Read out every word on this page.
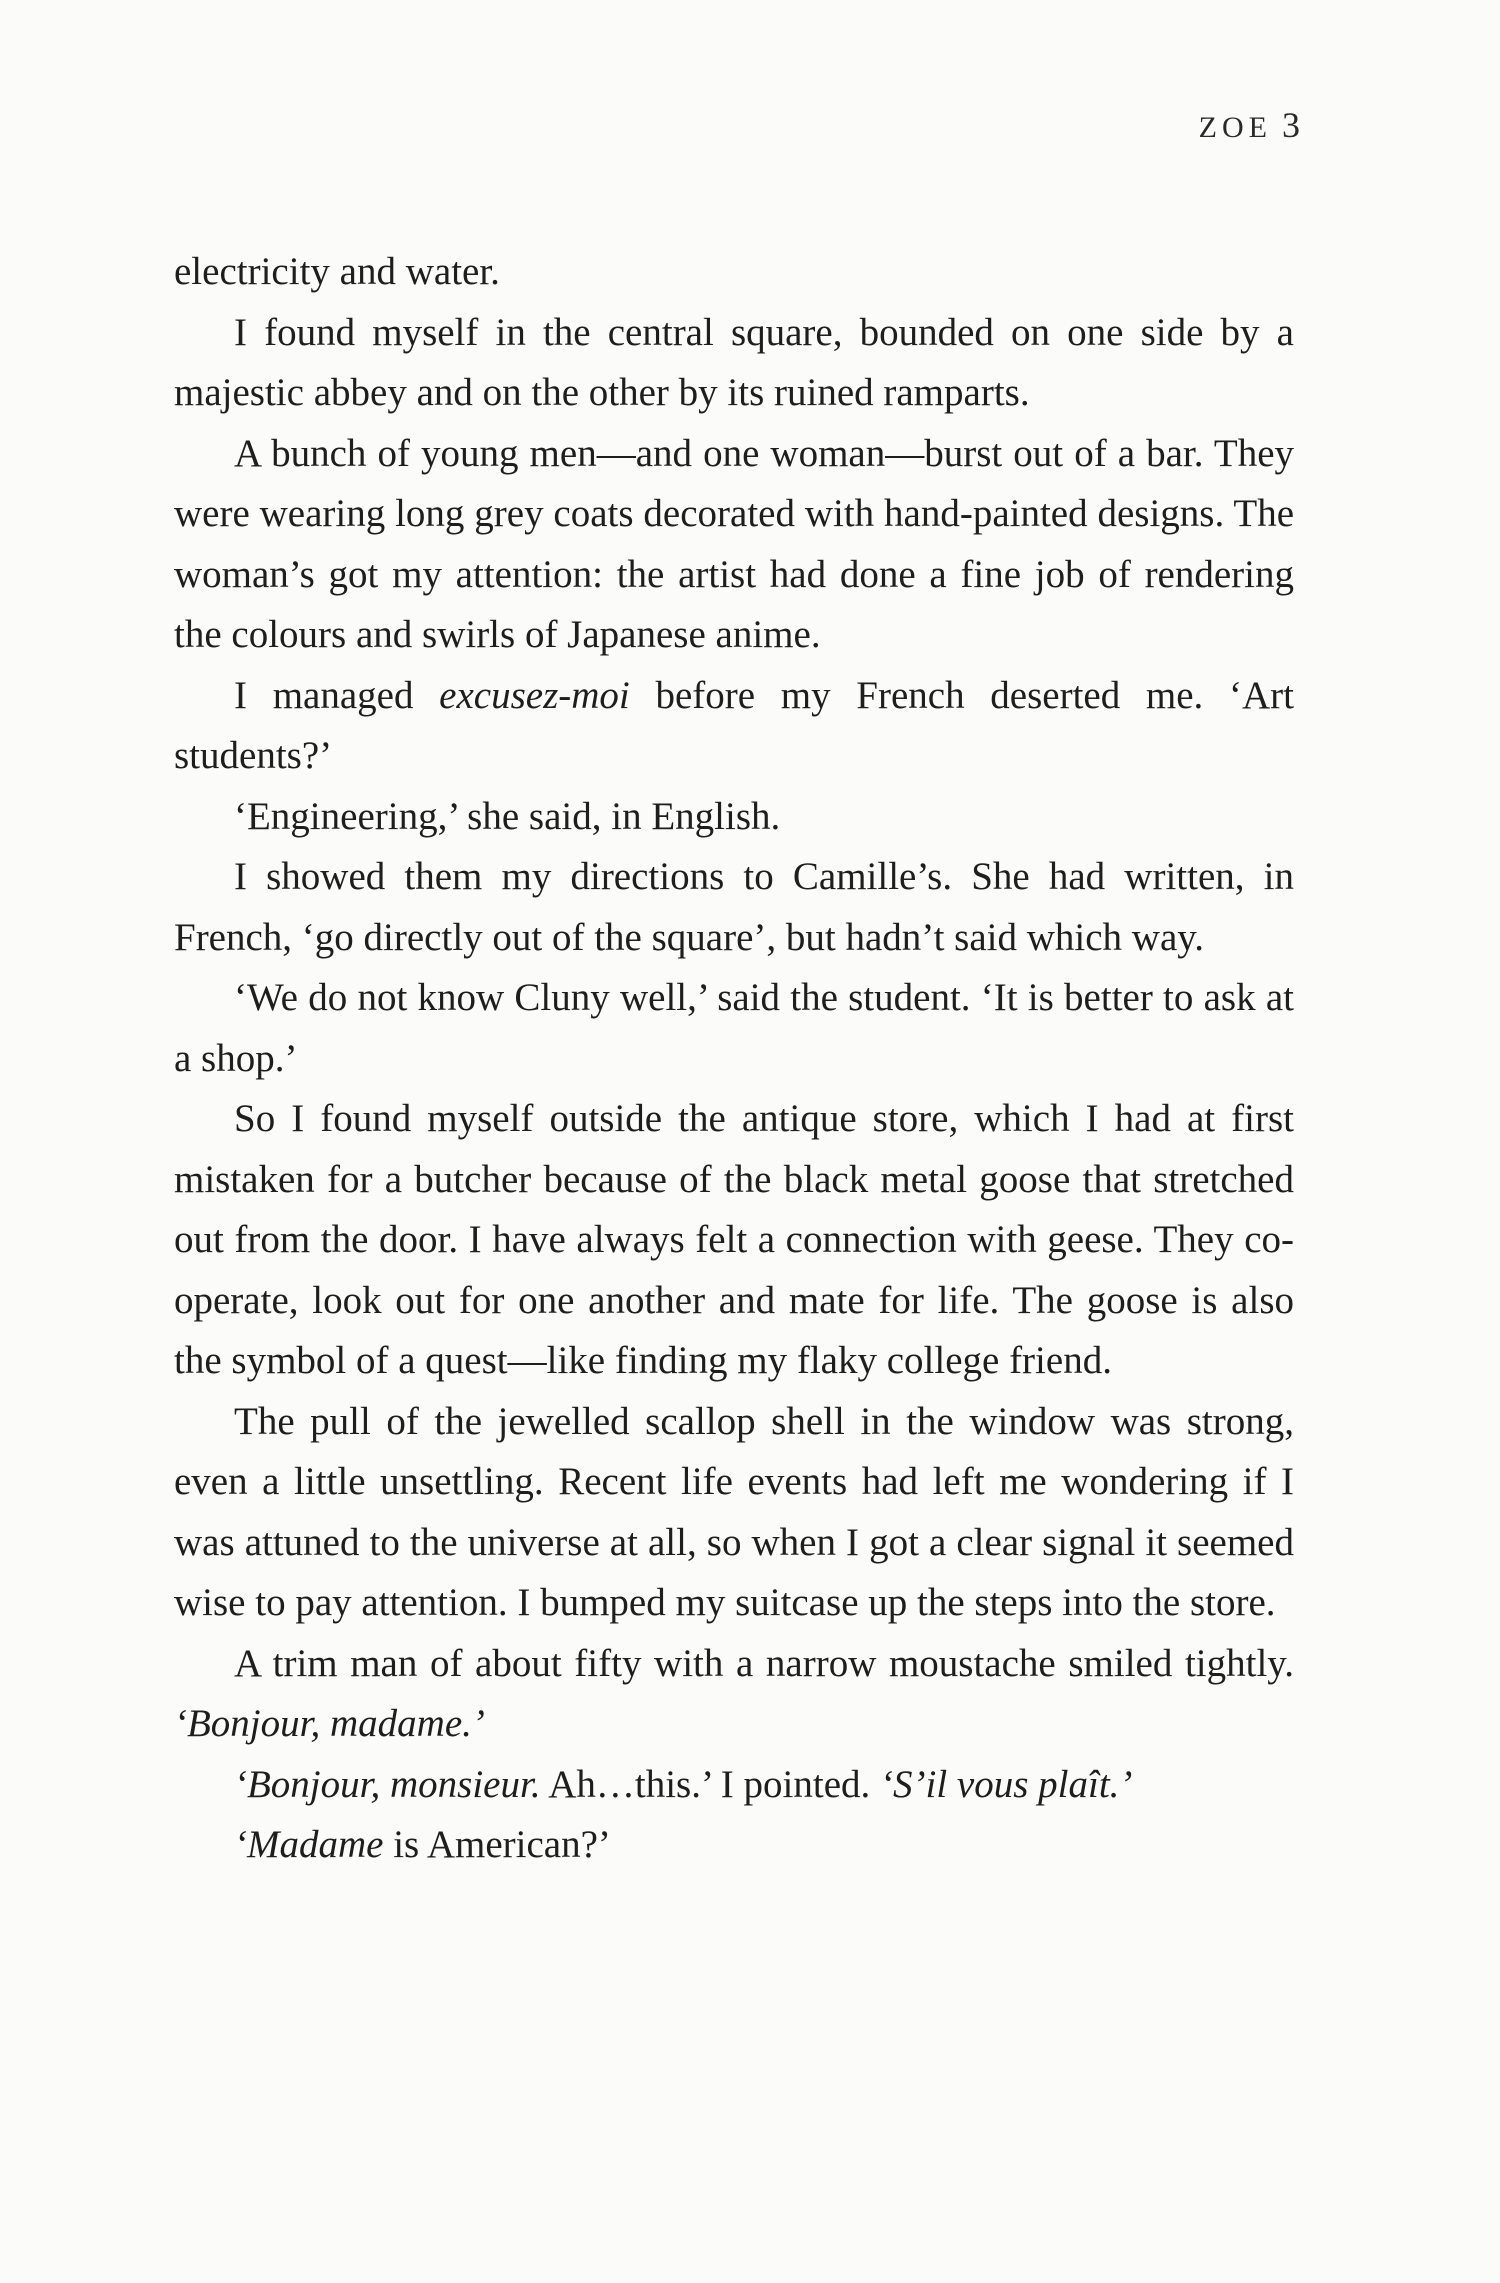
ZOE 3

electricity and water.

I found myself in the central square, bounded on one side by a majestic abbey and on the other by its ruined ramparts.

A bunch of young men—and one woman—burst out of a bar. They were wearing long grey coats decorated with hand-painted designs. The woman’s got my attention: the artist had done a fine job of rendering the colours and swirls of Japanese anime.

I managed excusez-moi before my French deserted me. ‘Art students?’

‘Engineering,’ she said, in English.

I showed them my directions to Camille’s. She had written, in French, ‘go directly out of the square’, but hadn’t said which way.

‘We do not know Cluny well,’ said the student. ‘It is better to ask at a shop.’

So I found myself outside the antique store, which I had at first mistaken for a butcher because of the black metal goose that stretched out from the door. I have always felt a connection with geese. They co-operate, look out for one another and mate for life. The goose is also the symbol of a quest—like finding my flaky college friend.

The pull of the jewelled scallop shell in the window was strong, even a little unsettling. Recent life events had left me wondering if I was attuned to the universe at all, so when I got a clear signal it seemed wise to pay attention. I bumped my suitcase up the steps into the store.

A trim man of about fifty with a narrow moustache smiled tightly. ‘Bonjour, madame.’

‘Bonjour, monsieur. Ah…this.’ I pointed. ‘S’il vous plaît.’

‘Madame is American?’
